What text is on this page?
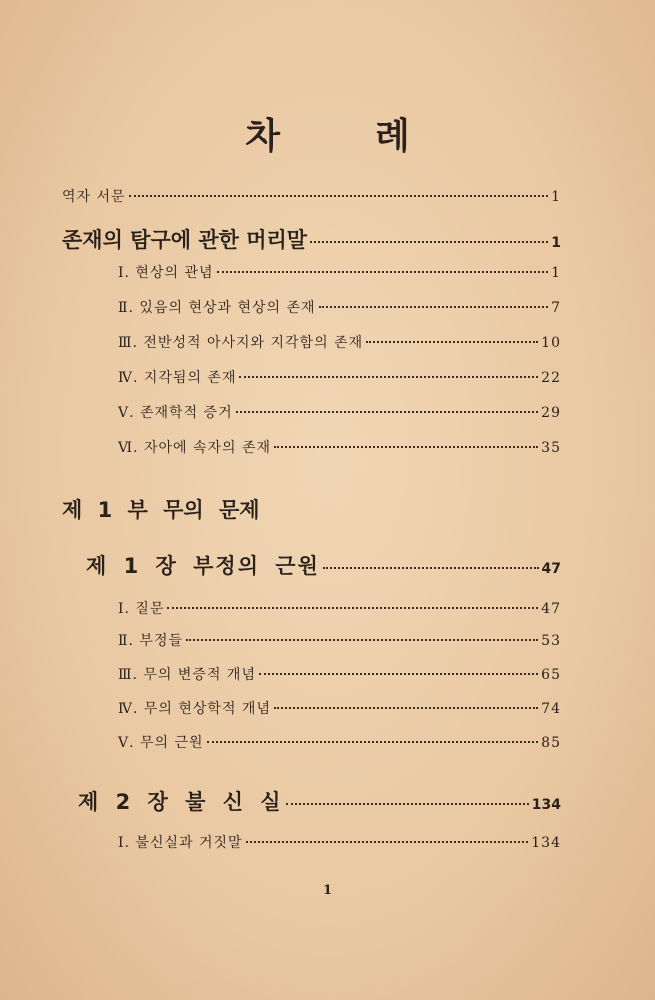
차	례
역자 서문	1
존재의 탐구에 관한 머리말	1
Ⅰ. 현상의 관념	1
Ⅱ. 있음의 현상과 현상의 존재	7
Ⅲ. 전반성적 아사지와 지각함의 존재	10
Ⅳ. 지각됨의 존재	22
Ⅴ. 존재학적 증거	29
Ⅵ. 자아에 속자의 존재	35
제 1 부 무의 문제
제 1 장 부정의 근원	47
Ⅰ. 질문	47
Ⅱ. 부정들	53
Ⅲ. 무의 변증적 개념	65
Ⅳ. 무의 현상학적 개념	74
Ⅴ. 무의 근원	85
제 2 장 불 신 실	134
Ⅰ. 불신실과 거짓말	134
1
